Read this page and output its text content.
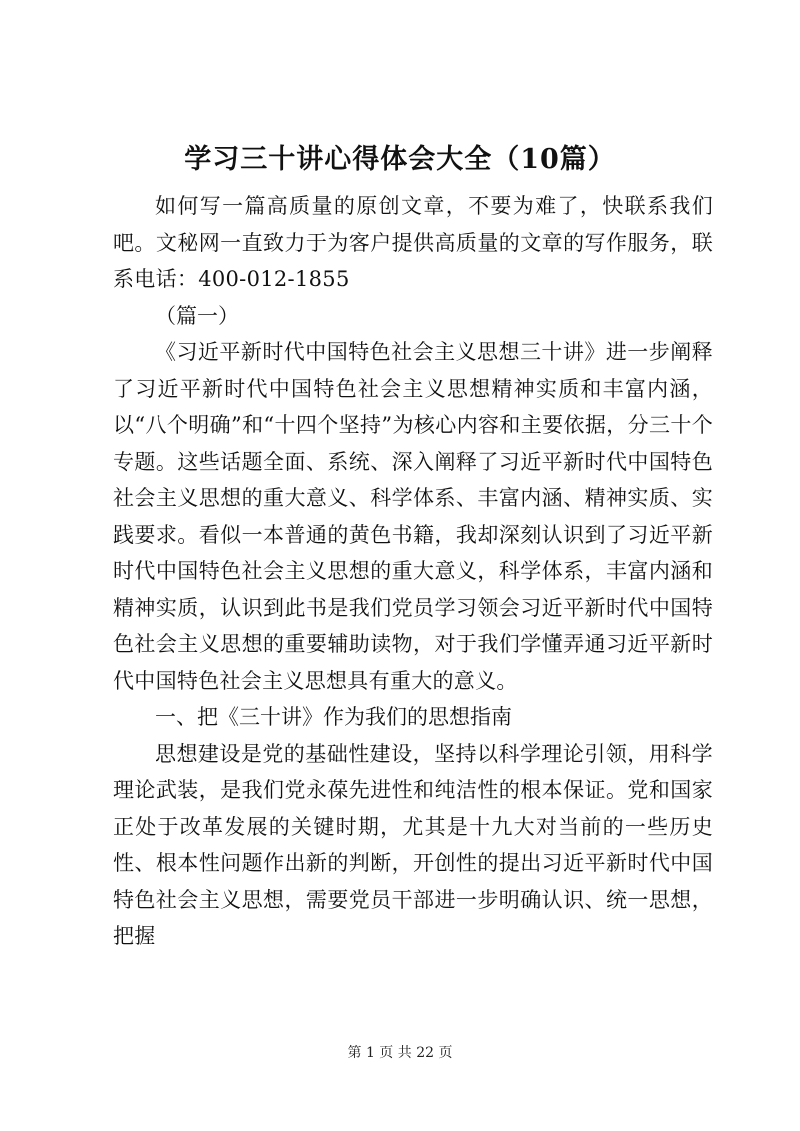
学习三十讲心得体会大全（10篇）

如何写一篇高质量的原创文章，不要为难了，快联系我们吧。文秘网一直致力于为客户提供高质量的文章的写作服务，联系电话：400-012-1855

（篇一）

《习近平新时代中国特色社会主义思想三十讲》进一步阐释了习近平新时代中国特色社会主义思想精神实质和丰富内涵，以“八个明确”和“十四个坚持”为核心内容和主要依据，分三十个专题。这些话题全面、系统、深入阐释了习近平新时代中国特色社会主义思想的重大意义、科学体系、丰富内涵、精神实质、实践要求。看似一本普通的黄色书籍，我却深刻认识到了习近平新时代中国特色社会主义思想的重大意义，科学体系，丰富内涵和精神实质，认识到此书是我们党员学习领会习近平新时代中国特色社会主义思想的重要辅助读物，对于我们学懂弄通习近平新时代中国特色社会主义思想具有重大的意义。

一、把《三十讲》作为我们的思想指南

思想建设是党的基础性建设，坚持以科学理论引领，用科学理论武装，是我们党永葆先进性和纯洁性的根本保证。党和国家正处于改革发展的关键时期，尤其是十九大对当前的一些历史性、根本性问题作出新的判断，开创性的提出习近平新时代中国特色社会主义思想，需要党员干部进一步明确认识、统一思想，把握

第 1 页 共 22 页
